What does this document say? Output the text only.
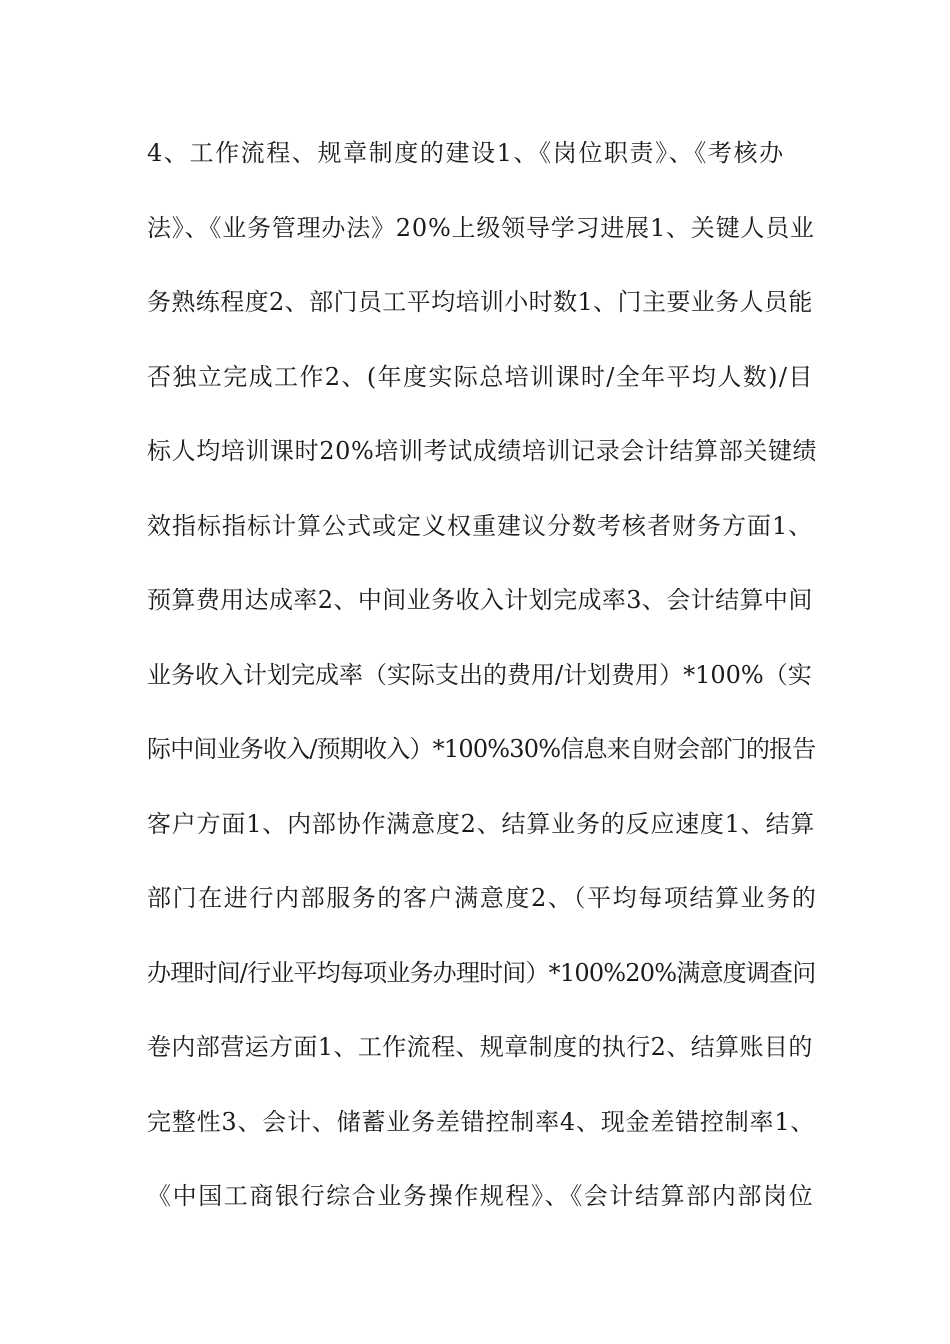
4、工作流程、规章制度的建设1、《岗位职责》、《考核办
法》、《业务管理办法》20%上级领导学习进展1、关键人员业
务熟练程度2、部门员工平均培训小时数1、门主要业务人员能
否独立完成工作2、(年度实际总培训课时/全年平均人数)/目
标人均培训课时20%培训考试成绩培训记录会计结算部关键绩
效指标指标计算公式或定义权重建议分数考核者财务方面1、
预算费用达成率2、中间业务收入计划完成率3、会计结算中间
业务收入计划完成率（实际支出的费用/计划费用）*100%（实
际中间业务收入/预期收入）*100%30%信息来自财会部门的报告
客户方面1、内部协作满意度2、结算业务的反应速度1、结算
部门在进行内部服务的客户满意度2、（平均每项结算业务的
办理时间/行业平均每项业务办理时间）*100%20%满意度调查问
卷内部营运方面1、工作流程、规章制度的执行2、结算账目的
完整性3、会计、储蓄业务差错控制率4、现金差错控制率1、
《中国工商银行综合业务操作规程》、《会计结算部内部岗位
